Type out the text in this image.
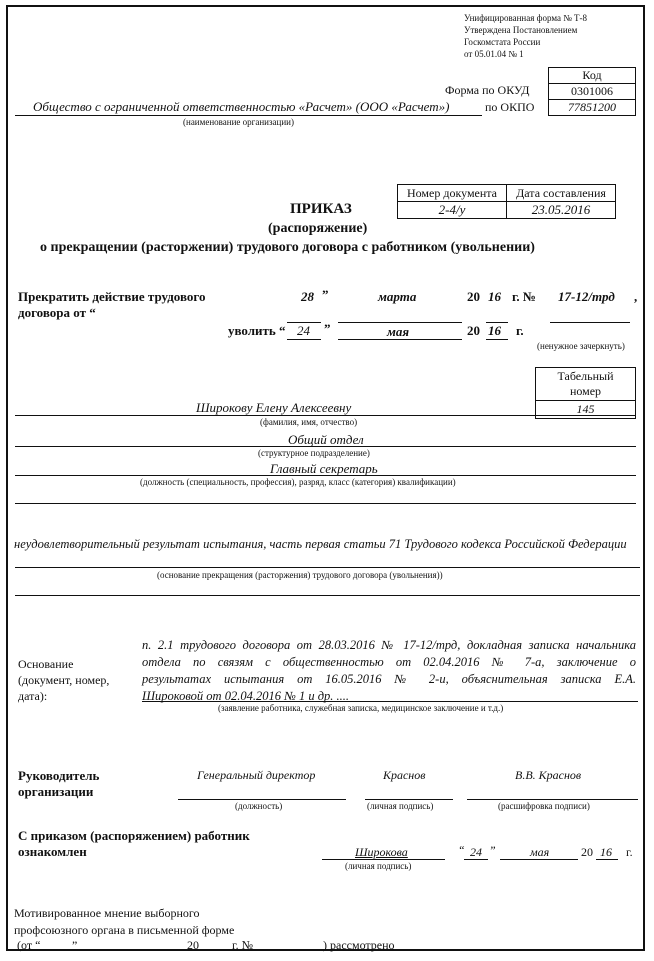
Унифицированная форма № Т-8
Утверждена Постановлением
Госкомстата России
от 05.01.04 № 1
Код
0301006
77851200
Форма по ОКУД
по ОКПО
Общество с ограниченной ответственностью «Расчет» (ООО «Расчет»)
(наименование организации)
Номер документа	Дата составления
2-4/у	23.05.2016
ПРИКАЗ
(распоряжение)
о прекращении (расторжении) трудового договора с работником (увольнении)
Прекратить действие трудового
договора от “
28 ”	марта	20 16 г. № 17-12/трд ,
уволить “ 24 ”	мая	20 16 г.
(ненужное зачеркнуть)
Табельный
номер

145
Широкову Елену Алексеевну
(фамилия, имя, отчество)
Общий отдел
(структурное подразделение)
Главный секретарь
(должность (специальность, профессия), разряд, класс (категория) квалификации)
неудовлетворительный результат испытания, часть первая статьи 71 Трудового кодекса Российской Федерации
(основание прекращения (расторжения) трудового договора (увольнения))
Основание
(документ, номер,
дата):
п. 2.1 трудового договора от 28.03.2016 № 17-12/трд, докладная записка начальника
отдела по связям с общественностью от 02.04.2016 № 7-а, заключение о
результатах испытания от 16.05.2016 № 2-и, объяснительная записка Е.А.
Широковой от 02.04.2016 № 1 и др. ....
(заявление работника, служебная записка, медицинское заключение и т.д.)
Руководитель
организации
Генеральный директор	Краснов	В.В. Краснов
(должность)	(личная подпись)	(расшифровка подписи)
С приказом (распоряжением) работник
ознакомлен	Широкова
(личная подпись)
“ 24 ”	мая	20 16 г.
Мотивированное мнение выборного
профсоюзного органа в письменной форме
(от “	”	20	г. №	) рассмотрено
